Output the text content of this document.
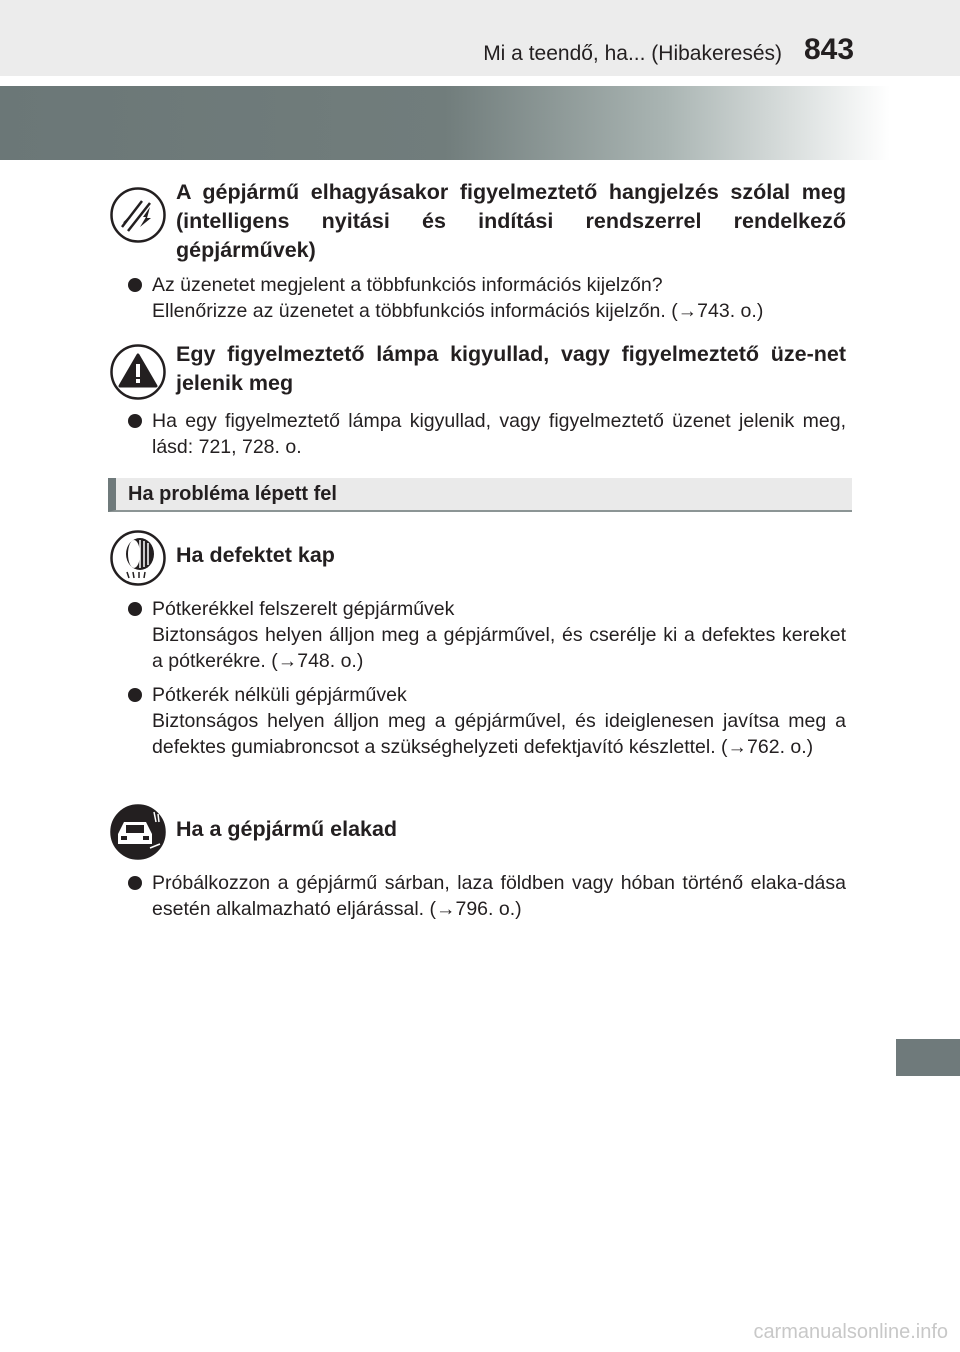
Mi a teendő, ha... (Hibakeresés) 843
A gépjármű elhagyásakor figyelmeztető hangjelzés szólal meg (intelligens nyitási és indítási rendszerrel rendelkező gépjárművek)
Az üzenetet megjelent a többfunkciós információs kijelzőn?
Ellenőrizze az üzenetet a többfunkciós információs kijelzőn. (→743. o.)
Egy figyelmeztető lámpa kigyullad, vagy figyelmeztető üze-net jelenik meg
Ha egy figyelmeztető lámpa kigyullad, vagy figyelmeztető üzenet jelenik meg, lásd: 721, 728. o.
Ha probléma lépett fel
Ha defektet kap
Pótkerékkel felszerelt gépjárművek
Biztonságos helyen álljon meg a gépjárművel, és cserélje ki a defektes kereket a pótkerékre. (→748. o.)
Pótkerék nélküli gépjárművek
Biztonságos helyen álljon meg a gépjárművel, és ideiglenesen javítsa meg a defektes gumiabroncsot a szükséghelyzeti defektjavító készlettel. (→762. o.)
Ha a gépjármű elakad
Próbálkozzon a gépjármű sárban, laza földben vagy hóban történő elaka-dása esetén alkalmazható eljárással. (→796. o.)
carmanualsonline.info
